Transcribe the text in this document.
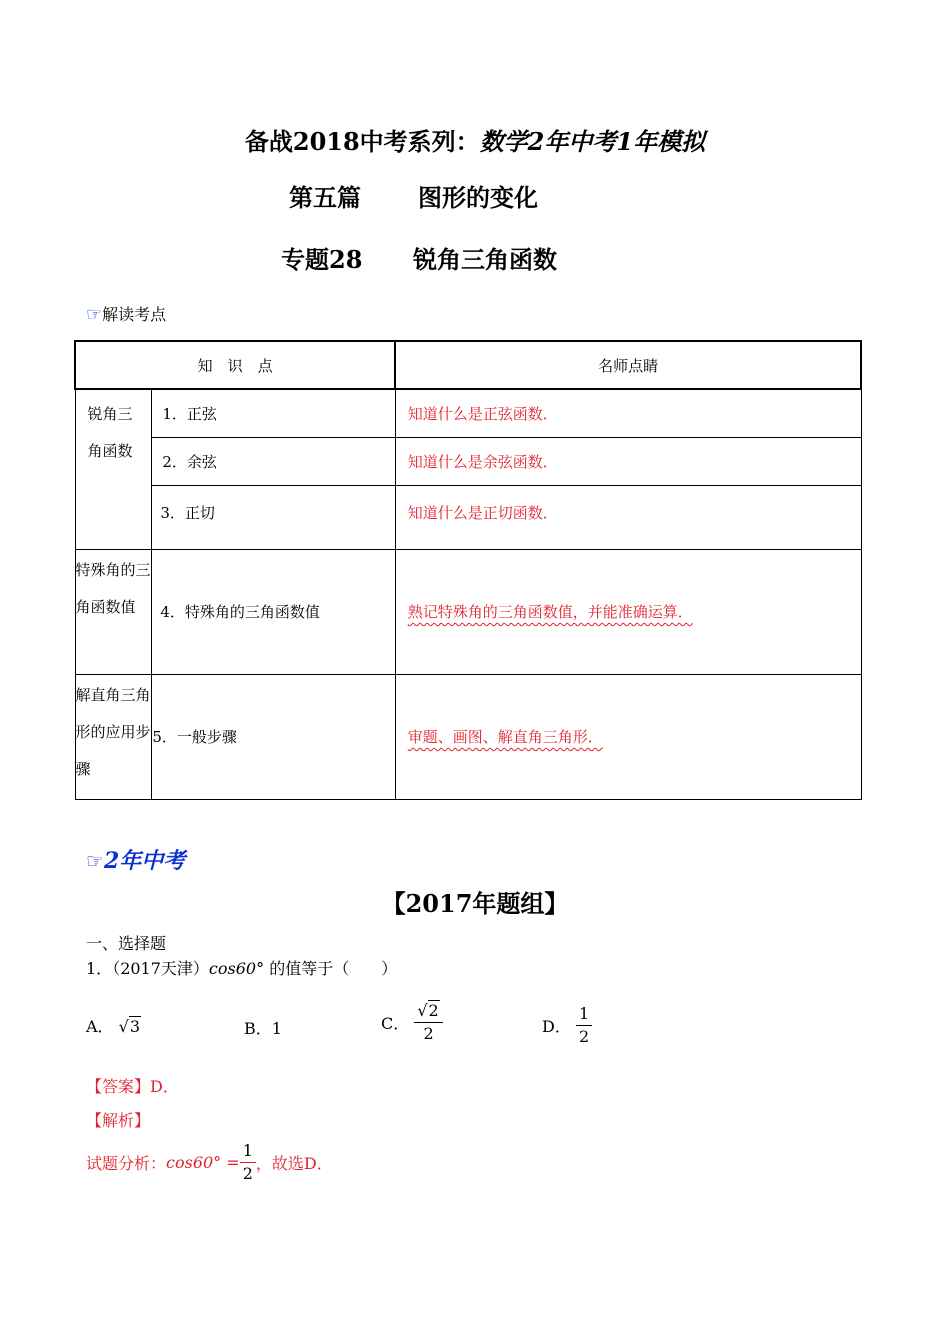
备战2018中考系列：数学2年中考1年模拟
第五篇 图形的变化
专题28 锐角三角函数
☞解读考点
知　识　点		名师点睛

锐角三角函数	1．正弦	知道什么是正弦函数．

	2．余弦	知道什么是余弦函数．

	3．正切	知道什么是正切函数．

特殊角的三角函数值	4．特殊角的三角函数值	熟记特殊角的三角函数值，并能准确运算．

解直角三角形的应用步骤	5．一般步骤	审题、画图、解直角三角形．
☞2年中考
【2017年题组】
一、选择题
1．（2017天津）cos60° 的值等于（　　）
A． √3	B．1	C． $\frac{√2}{2}$	D． $\frac{1}{2}$
【答案】D．
【解析】
试题分析：$\cos 60^\circ = \frac{1}{2}$ ，故选D．
